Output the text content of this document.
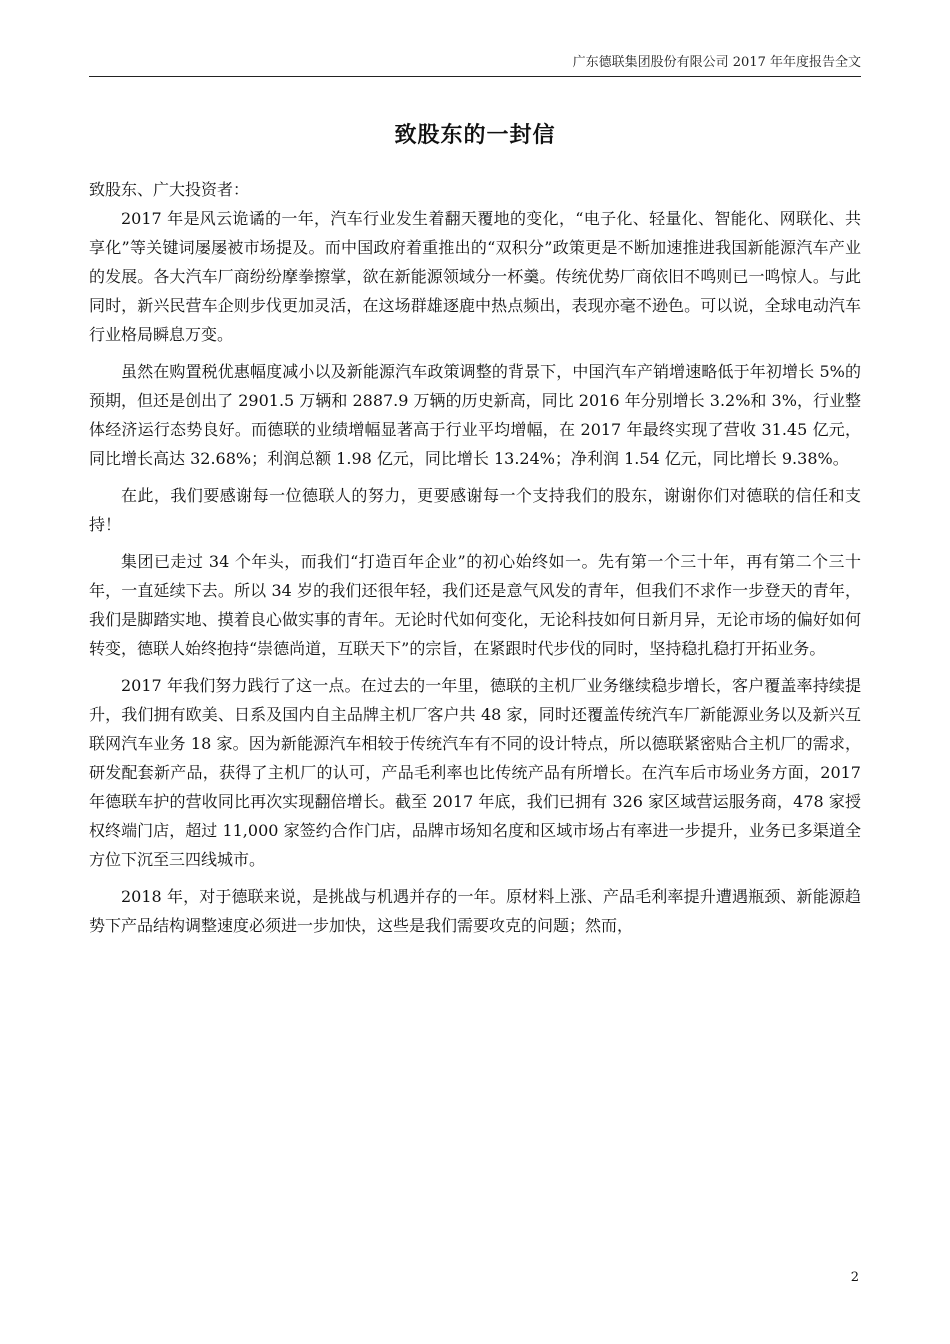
广东德联集团股份有限公司 2017 年年度报告全文
致股东的一封信

致股东、广大投资者：

2017 年是风云诡谲的一年，汽车行业发生着翻天覆地的变化，“电子化、轻量化、智能化、网联化、共享化”等关键词屡屡被市场提及。而中国政府着重推出的“双积分”政策更是不断加速推进我国新能源汽车产业的发展。各大汽车厂商纷纷摩拳擦掌，欲在新能源领域分一杯羹。传统优势厂商依旧不鸣则已一鸣惊人。与此同时，新兴民营车企则步伐更加灵活，在这场群雄逐鹿中热点频出，表现亦毫不逊色。可以说，全球电动汽车行业格局瞬息万变。

虽然在购置税优惠幅度减小以及新能源汽车政策调整的背景下，中国汽车产销增速略低于年初增长 5%的预期，但还是创出了 2901.5 万辆和 2887.9 万辆的历史新高，同比 2016 年分别增长 3.2%和 3%，行业整体经济运行态势良好。而德联的业绩增幅显著高于行业平均增幅，在 2017 年最终实现了营收 31.45 亿元，同比增长高达 32.68%；利润总额 1.98 亿元，同比增长 13.24%；净利润 1.54 亿元，同比增长 9.38%。

在此，我们要感谢每一位德联人的努力，更要感谢每一个支持我们的股东，谢谢你们对德联的信任和支持！

集团已走过 34 个年头，而我们“打造百年企业”的初心始终如一。先有第一个三十年，再有第二个三十年，一直延续下去。所以 34 岁的我们还很年轻，我们还是意气风发的青年，但我们不求作一步登天的青年，我们是脚踏实地、摸着良心做实事的青年。无论时代如何变化，无论科技如何日新月异，无论市场的偏好如何转变，德联人始终抱持“崇德尚道，互联天下”的宗旨，在紧跟时代步伐的同时，坚持稳扎稳打开拓业务。

2017 年我们努力践行了这一点。在过去的一年里，德联的主机厂业务继续稳步增长，客户覆盖率持续提升，我们拥有欧美、日系及国内自主品牌主机厂客户共 48 家，同时还覆盖传统汽车厂新能源业务以及新兴互联网汽车业务 18 家。因为新能源汽车相较于传统汽车有不同的设计特点，所以德联紧密贴合主机厂的需求，研发配套新产品，获得了主机厂的认可，产品毛利率也比传统产品有所增长。在汽车后市场业务方面，2017 年德联车护的营收同比再次实现翻倍增长。截至 2017 年底，我们已拥有 326 家区域营运服务商，478 家授权终端门店，超过 11,000 家签约合作门店，品牌市场知名度和区域市场占有率进一步提升，业务已多渠道全方位下沉至三四线城市。

2018 年，对于德联来说，是挑战与机遇并存的一年。原材料上涨、产品毛利率提升遭遇瓶颈、新能源趋势下产品结构调整速度必须进一步加快，这些是我们需要攻克的问题；然而，

2
